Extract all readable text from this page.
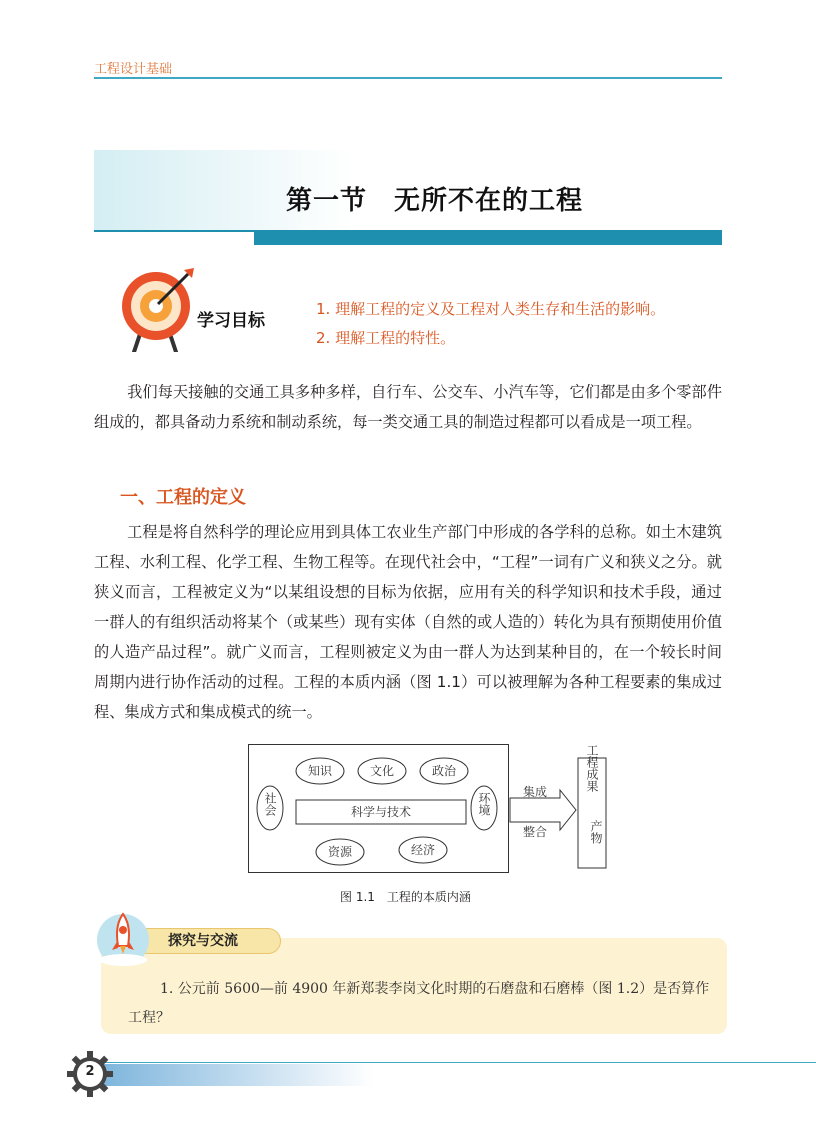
工程设计基础
第一节　无所不在的工程
学习目标
1. 理解工程的定义及工程对人类生存和生活的影响。
2. 理解工程的特性。
我们每天接触的交通工具多种多样，自行车、公交车、小汽车等，它们都是由多个零部件组成的，都具备动力系统和制动系统，每一类交通工具的制造过程都可以看成是一项工程。
一、工程的定义
工程是将自然科学的理论应用到具体工农业生产部门中形成的各学科的总称。如土木建筑工程、水利工程、化学工程、生物工程等。在现代社会中，“工程”一词有广义和狭义之分。就狭义而言，工程被定义为“以某组设想的目标为依据，应用有关的科学知识和技术手段，通过一群人的有组织活动将某个（或某些）现有实体（自然的或人造的）转化为具有预期使用价值的人造产品过程”。就广义而言，工程则被定义为由一群人为达到某种目的，在一个较长时间周期内进行协作活动的过程。工程的本质内涵（图 1.1）可以被理解为各种工程要素的集成过程、集成方式和集成模式的统一。
知识	文化	政治
社会	科学与技术	环境
资源	经济
集成
整合
工程成果
产物
图 1.1　工程的本质内涵
探究与交流
1. 公元前 5600—前 4900 年新郑裴李岗文化时期的石磨盘和石磨棒（图 1.2）是否算作工程？
2
